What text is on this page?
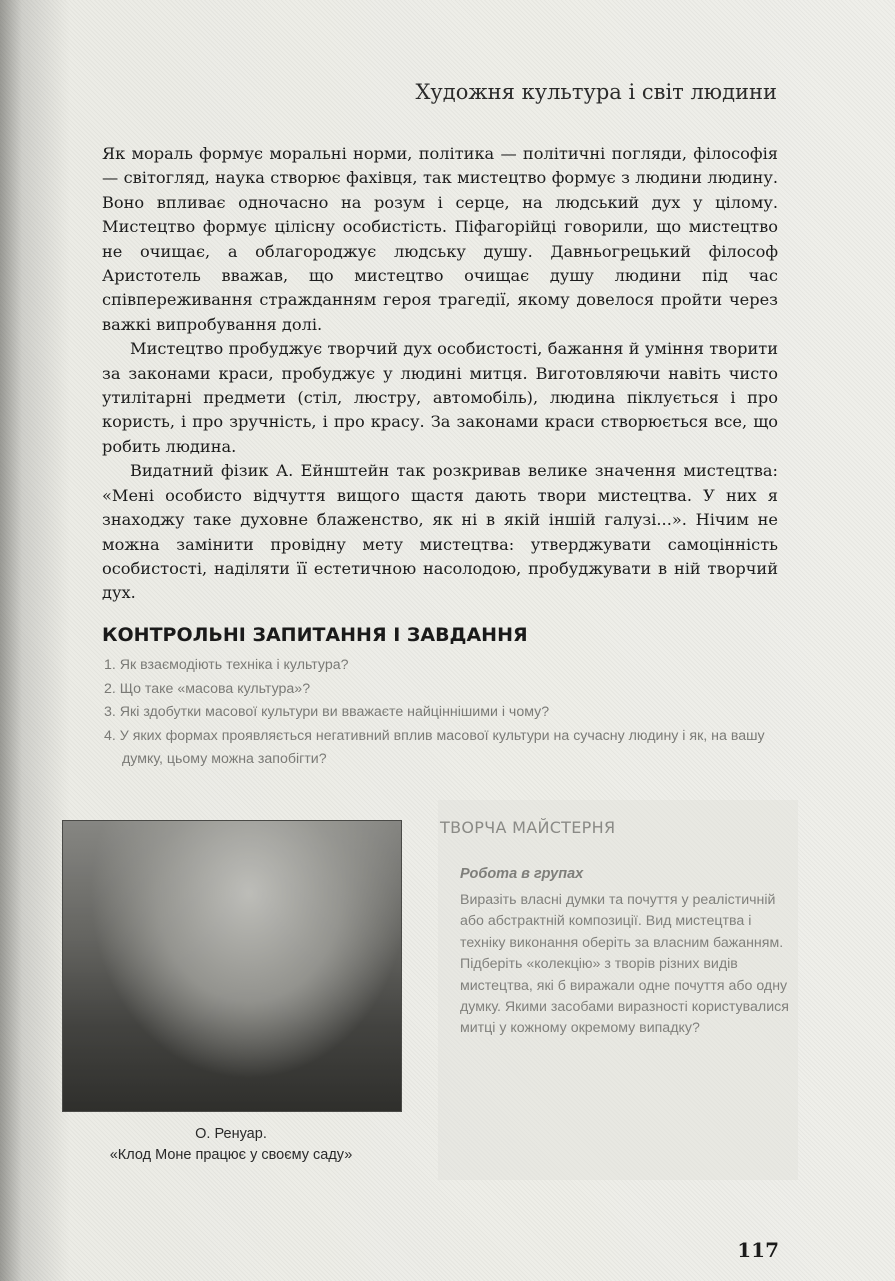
Художня культура і світ людини

Як мораль формує моральні норми, політика — політичні погляди, філософія — світогляд, наука створює фахівця, так мистецтво формує з людини людину. Воно впливає одночасно на розум і серце, на людський дух у цілому. Мистецтво формує цілісну особистість. Піфагорійці говорили, що мистецтво не очищає, а облагороджує людську душу. Давньогрецький філософ Аристотель вважав, що мистецтво очищає душу людини під час співпереживання стражданням героя трагедії, якому довелося пройти через важкі випробування долі.

Мистецтво пробуджує творчий дух особистості, бажання й уміння творити за законами краси, пробуджує у людині митця. Виготовляючи навіть чисто утилітарні предмети (стіл, люстру, автомобіль), людина піклується і про користь, і про зручність, і про красу. За законами краси створюється все, що робить людина.

Видатний фізик А. Ейнштейн так розкривав велике значення мистецтва: «Мені особисто відчуття вищого щастя дають твори мистецтва. У них я знаходжу таке духовне блаженство, як ні в якій іншій галузі...». Нічим не можна замінити провідну мету мистецтва: утверджувати самоцінність особистості, наділяти її естетичною насолодою, пробуджувати в ній творчий дух.

КОНТРОЛЬНІ ЗАПИТАННЯ І ЗАВДАННЯ
1. Як взаємодіють техніка і культура?
2. Що таке «масова культура»?
3. Які здобутки масової культури ви вважаєте найціннішими і чому?
4. У яких формах проявляється негативний вплив масової культури на сучасну людину і як, на вашу думку, цьому можна запобігти?
О. Ренуар.
«Клод Моне працює у своєму саду»
ТВОРЧА МАЙСТЕРНЯ
Робота в групах

Виразіть власні думки та почуття у реалістичній або абстрактній композиції. Вид мистецтва і техніку виконання оберіть за власним бажанням.

Підберіть «колекцію» з творів різних видів мистецтва, які б виражали одне почуття або одну думку. Якими засобами виразності користувалися митці у кожному окремому випадку?

117
